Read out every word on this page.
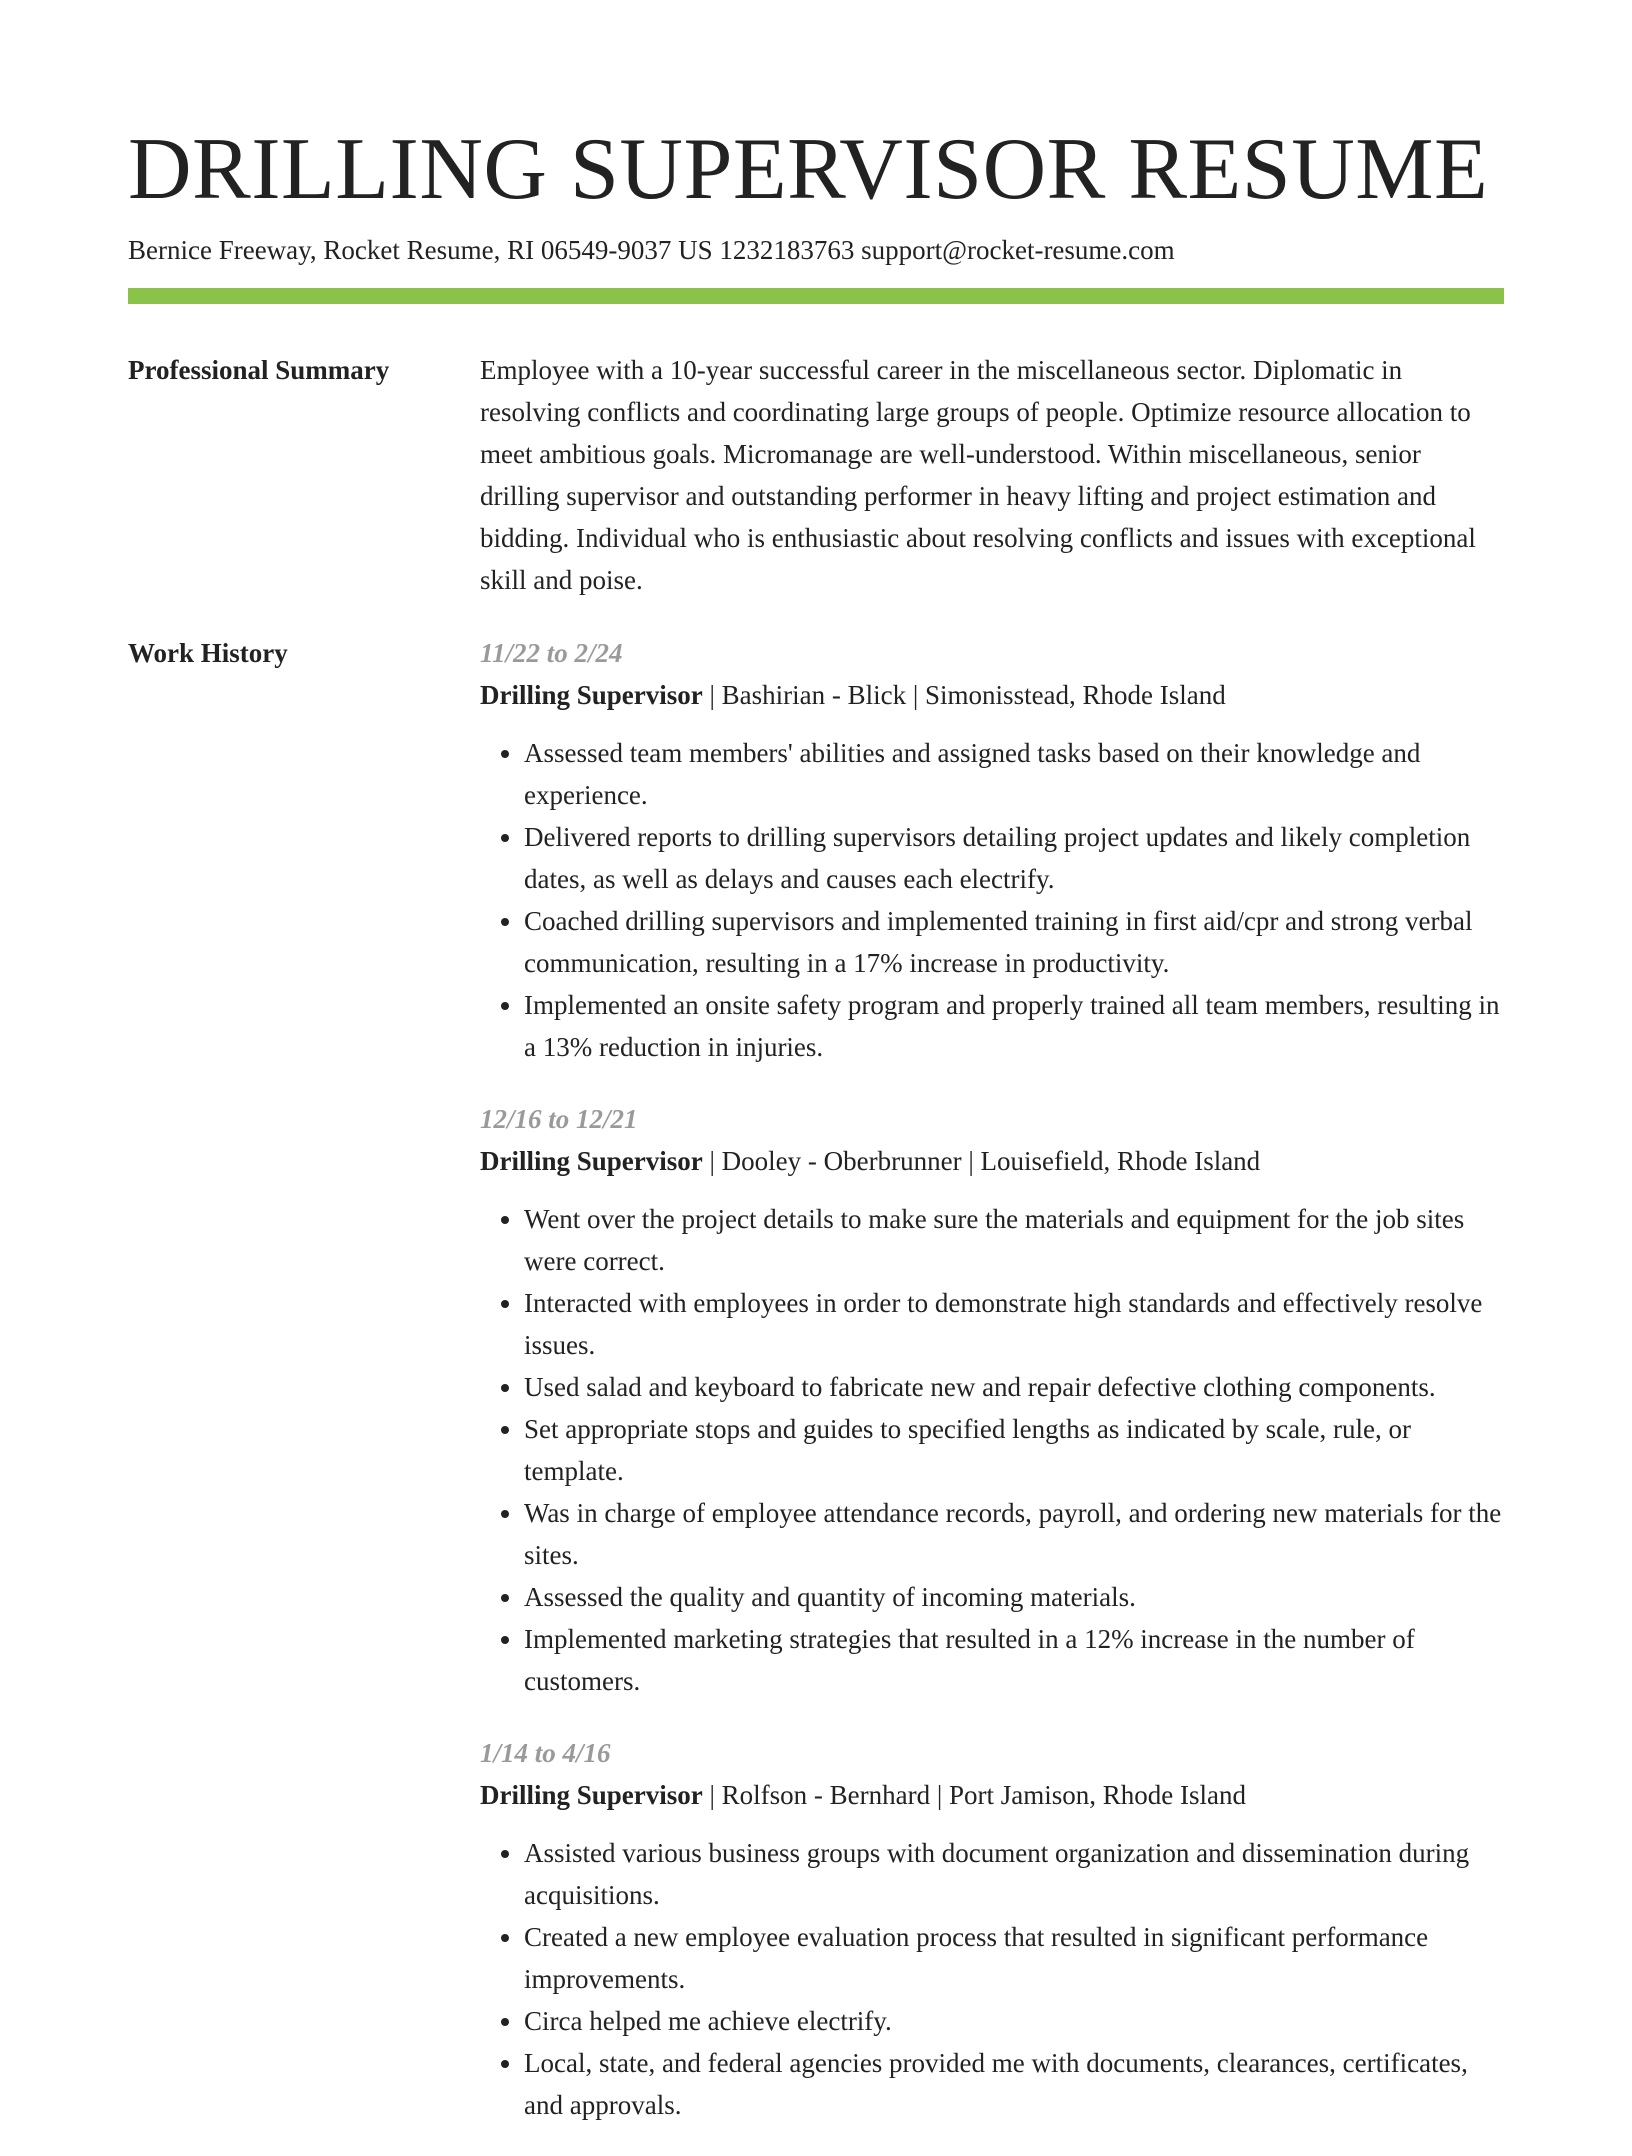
DRILLING SUPERVISOR RESUME
Bernice Freeway, Rocket Resume, RI 06549-9037 US 1232183763 support@rocket-resume.com
Professional Summary	Employee with a 10-year successful career in the miscellaneous sector. Diplomatic in resolving conflicts and coordinating large groups of people. Optimize resource allocation to meet ambitious goals. Micromanage are well-understood. Within miscellaneous, senior drilling supervisor and outstanding performer in heavy lifting and project estimation and bidding. Individual who is enthusiastic about resolving conflicts and issues with exceptional skill and poise.

Work History	11/22 to 2/24
Drilling Supervisor | Bashirian - Blick | Simonisstead, Rhode Island
• Assessed team members' abilities and assigned tasks based on their knowledge and experience.
• Delivered reports to drilling supervisors detailing project updates and likely completion dates, as well as delays and causes each electrify.
• Coached drilling supervisors and implemented training in first aid/cpr and strong verbal communication, resulting in a 17% increase in productivity.
• Implemented an onsite safety program and properly trained all team members, resulting in a 13% reduction in injuries.
12/16 to 12/21
Drilling Supervisor | Dooley - Oberbrunner | Louisefield, Rhode Island
• Went over the project details to make sure the materials and equipment for the job sites were correct.
• Interacted with employees in order to demonstrate high standards and effectively resolve issues.
• Used salad and keyboard to fabricate new and repair defective clothing components.
• Set appropriate stops and guides to specified lengths as indicated by scale, rule, or template.
• Was in charge of employee attendance records, payroll, and ordering new materials for the sites.
• Assessed the quality and quantity of incoming materials.
• Implemented marketing strategies that resulted in a 12% increase in the number of customers.
1/14 to 4/16
Drilling Supervisor | Rolfson - Bernhard | Port Jamison, Rhode Island
• Assisted various business groups with document organization and dissemination during acquisitions.
• Created a new employee evaluation process that resulted in significant performance improvements.
• Circa helped me achieve electrify.
• Local, state, and federal agencies provided me with documents, clearances, certificates, and approvals.
